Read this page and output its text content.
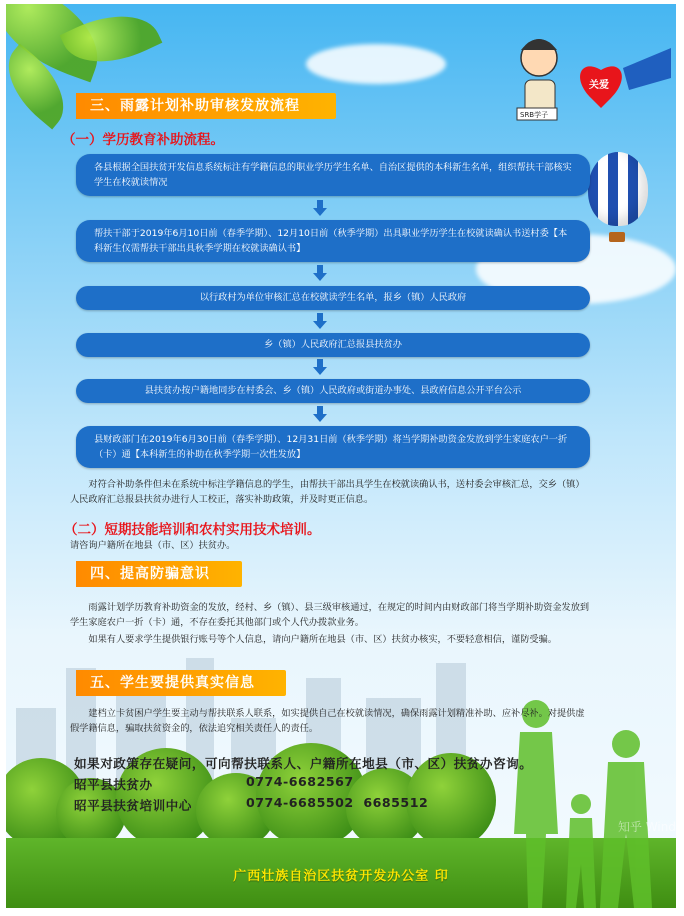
SRB学子
关爱
知乎 Wind
三、雨露计划补助审核发放流程
（一）学历教育补助流程。
各县根据全国扶贫开发信息系统标注有学籍信息的职业学历学生名单、自治区提供的本科新生名单，组织帮扶干部核实学生在校就读情况
帮扶干部于2019年6月10日前（春季学期）、12月10日前（秋季学期）出具职业学历学生在校就读确认书送村委【本科新生仅需帮扶干部出具秋季学期在校就读确认书】
以行政村为单位审核汇总在校就读学生名单，报乡（镇）人民政府
乡（镇）人民政府汇总报县扶贫办
县扶贫办按户籍地同步在村委会、乡（镇）人民政府或街道办事处、县政府信息公开平台公示
县财政部门在2019年6月30日前（春季学期）、12月31日前（秋季学期）将当学期补助资金发放到学生家庭农户一折（卡）通【本科新生的补助在秋季学期一次性发放】
对符合补助条件但未在系统中标注学籍信息的学生，由帮扶干部出具学生在校就读确认书，送村委会审核汇总，交乡（镇）人民政府汇总报县扶贫办进行人工校正，落实补助政策，并及时更正信息。
（二）短期技能培训和农村实用技术培训。
请咨询户籍所在地县（市、区）扶贫办。
四、提高防骗意识
雨露计划学历教育补助资金的发放，经村、乡（镇）、县三级审核通过，在规定的时间内由财政部门将当学期补助资金发放到学生家庭农户一折（卡）通，不存在委托其他部门或个人代办拨款业务。
如果有人要求学生提供银行账号等个人信息，请向户籍所在地县（市、区）扶贫办核实，不要轻意相信，谨防受骗。
五、学生要提供真实信息
建档立卡贫困户学生要主动与帮扶联系人联系，如实提供自己在校就读情况，确保雨露计划精准补助、应补尽补。对提供虚假学籍信息，骗取扶贫资金的，依法追究相关责任人的责任。
如果对政策存在疑问，可向帮扶联系人、户籍所在地县（市、区）扶贫办咨询。
昭平县扶贫办	0774-6682567
昭平县扶贫培训中心	0774-6685502  6685512
广西壮族自治区扶贫开发办公室 印
